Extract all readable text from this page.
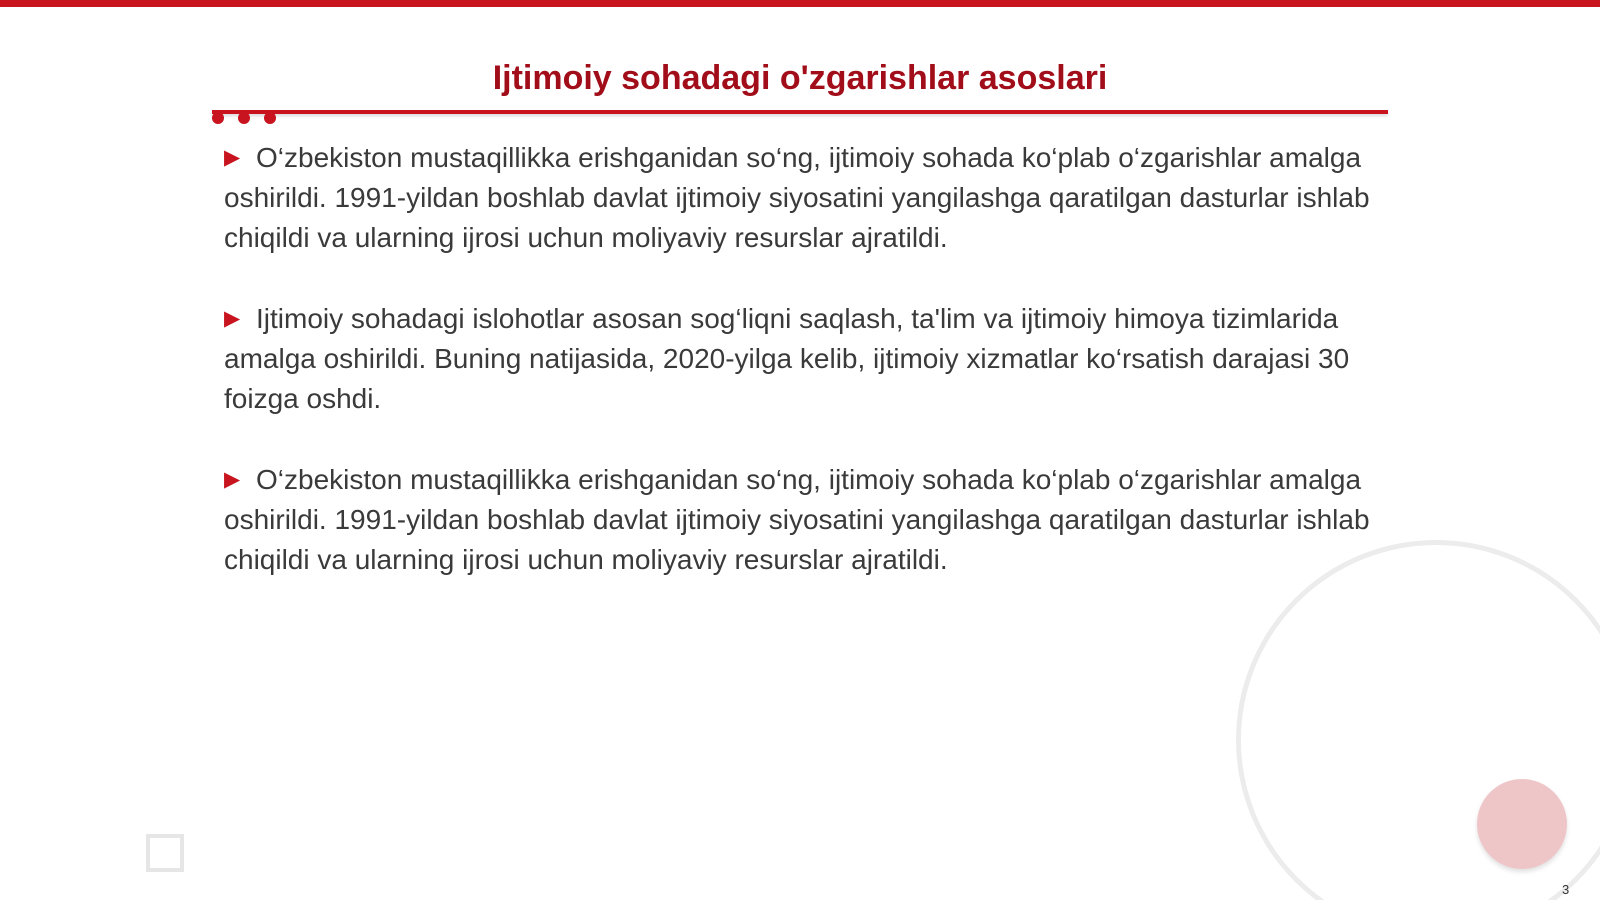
Ijtimoiy sohadagi o'zgarishlar asoslari

▶ O‘zbekiston mustaqillikka erishganidan so‘ng, ijtimoiy sohada ko‘plab o‘zgarishlar amalga oshirildi. 1991-yildan boshlab davlat ijtimoiy siyosatini yangilashga qaratilgan dasturlar ishlab chiqildi va ularning ijrosi uchun moliyaviy resurslar ajratildi.

▶ Ijtimoiy sohadagi islohotlar asosan sog‘liqni saqlash, ta'lim va ijtimoiy himoya tizimlarida amalga oshirildi. Buning natijasida, 2020-yilga kelib, ijtimoiy xizmatlar ko‘rsatish darajasi 30 foizga oshdi.

▶ O‘zbekiston mustaqillikka erishganidan so‘ng, ijtimoiy sohada ko‘plab o‘zgarishlar amalga oshirildi. 1991-yildan boshlab davlat ijtimoiy siyosatini yangilashga qaratilgan dasturlar ishlab chiqildi va ularning ijrosi uchun moliyaviy resurslar ajratildi.

3
